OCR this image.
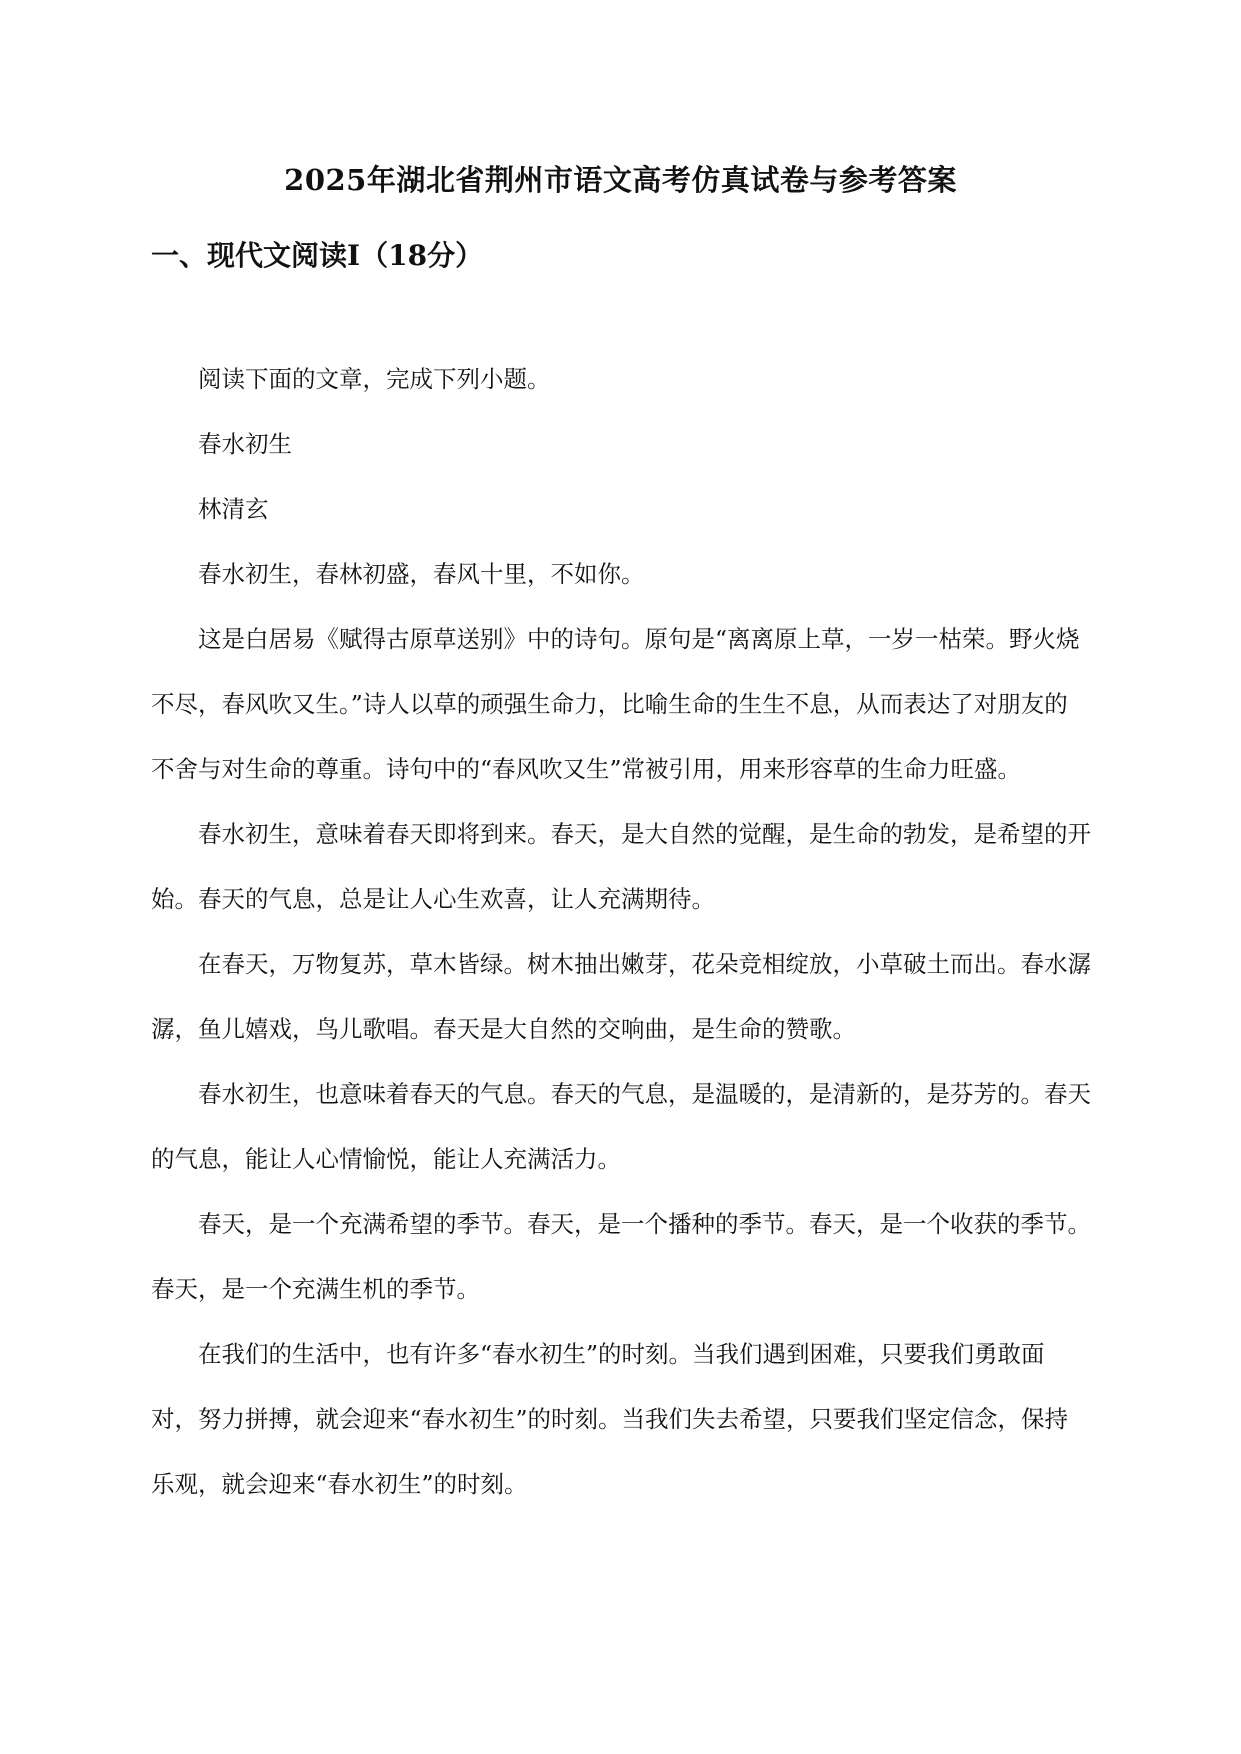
2025年湖北省荆州市语文高考仿真试卷与参考答案
一、现代文阅读Ⅰ（18分）

阅读下面的文章，完成下列小题。

春水初生

林清玄

春水初生，春林初盛，春风十里，不如你。

这是白居易《赋得古原草送别》中的诗句。原句是“离离原上草，一岁一枯荣。野火烧不尽，春风吹又生。”诗人以草的顽强生命力，比喻生命的生生不息，从而表达了对朋友的不舍与对生命的尊重。诗句中的“春风吹又生”常被引用，用来形容草的生命力旺盛。

春水初生，意味着春天即将到来。春天，是大自然的觉醒，是生命的勃发，是希望的开始。春天的气息，总是让人心生欢喜，让人充满期待。

在春天，万物复苏，草木皆绿。树木抽出嫩芽，花朵竞相绽放，小草破土而出。春水潺潺，鱼儿嬉戏，鸟儿歌唱。春天是大自然的交响曲，是生命的赞歌。

春水初生，也意味着春天的气息。春天的气息，是温暖的，是清新的，是芬芳的。春天的气息，能让人心情愉悦，能让人充满活力。

春天，是一个充满希望的季节。春天，是一个播种的季节。春天，是一个收获的季节。春天，是一个充满生机的季节。

在我们的生活中，也有许多“春水初生”的时刻。当我们遇到困难，只要我们勇敢面对，努力拼搏，就会迎来“春水初生”的时刻。当我们失去希望，只要我们坚定信念，保持乐观，就会迎来“春水初生”的时刻。
